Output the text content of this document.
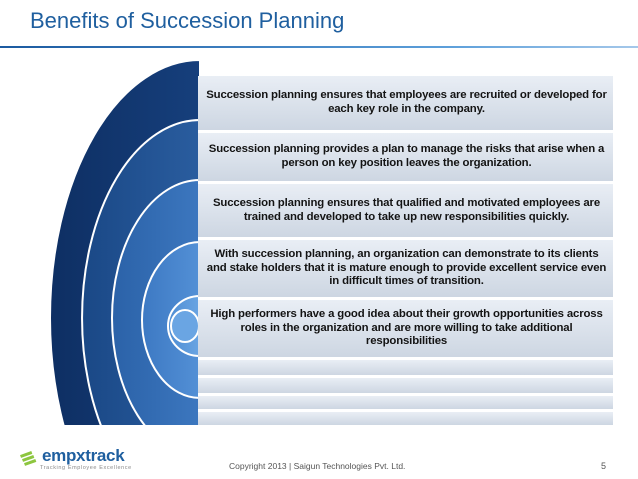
Benefits of Succession Planning
Succession planning ensures that employees are recruited or developed for each key role in the company.
Succession planning provides a plan to manage the risks that arise when a person on key position leaves the organization.
Succession planning ensures that qualified and motivated employees are trained and developed to take up new responsibilities quickly.
With succession planning, an organization can demonstrate to its clients and stake holders that it is mature enough to provide excellent service even in difficult times of transition.
High performers have a good idea about their growth opportunities across roles in the organization and are more willing to take additional responsibilities
empxtrack
Tracking Employee Excellence	Copyright 2013 | Saigun Technologies Pvt. Ltd.	5
